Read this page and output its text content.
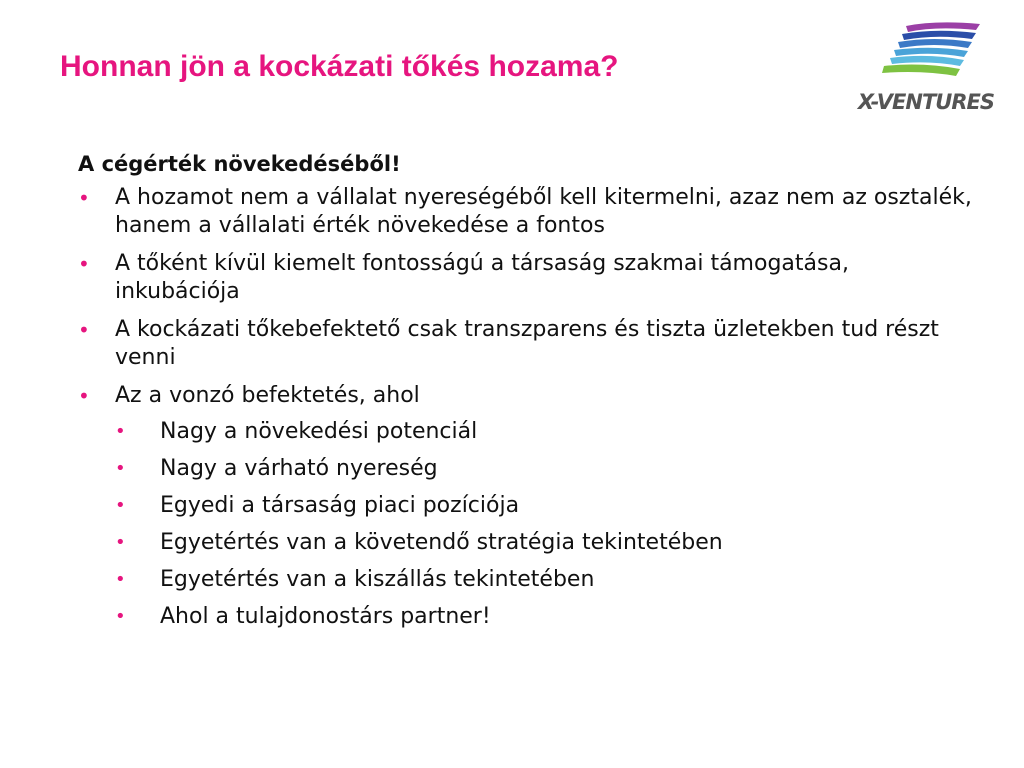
Honnan jön a kockázati tőkés hozama?
X-VENTURES

A cégérték növekedéséből!

• A hozamot nem a vállalat nyereségéből kell kitermelni, azaz nem az osztalék, hanem a vállalati érték növekedése a fontos
• A tőként kívül kiemelt fontosságú a társaság szakmai támogatása, inkubációja
• A kockázati tőkebefektető csak transzparens és tiszta üzletekben tud részt venni
• Az a vonzó befektetés, ahol
• Nagy a növekedési potenciál
• Nagy a várható nyereség
• Egyedi a társaság piaci pozíciója
• Egyetértés van a követendő stratégia tekintetében
• Egyetértés van a kiszállás tekintetében
• Ahol a tulajdonostárs partner!
